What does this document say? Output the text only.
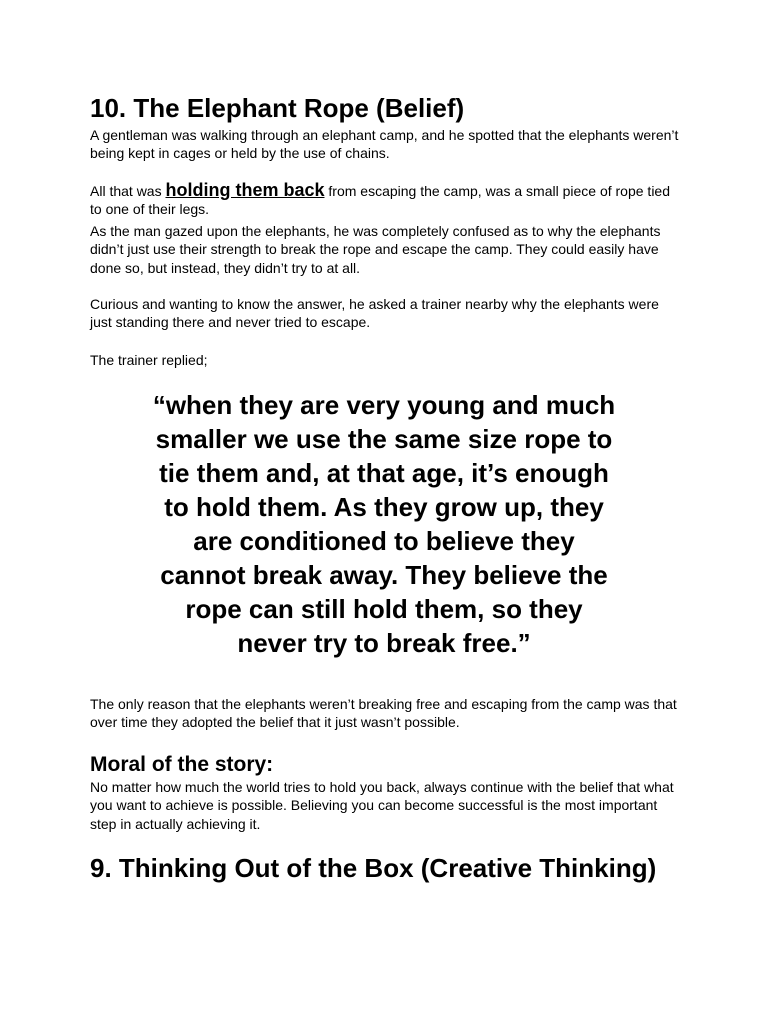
10. The Elephant Rope (Belief)

A gentleman was walking through an elephant camp, and he spotted that the elephants weren’t being kept in cages or held by the use of chains.

All that was holding them back from escaping the camp, was a small piece of rope tied to one of their legs.

As the man gazed upon the elephants, he was completely confused as to why the elephants didn’t just use their strength to break the rope and escape the camp. They could easily have done so, but instead, they didn’t try to at all.

Curious and wanting to know the answer, he asked a trainer nearby why the elephants were just standing there and never tried to escape.

The trainer replied;

“when they are very young and much smaller we use the same size rope to tie them and, at that age, it’s enough to hold them. As they grow up, they are conditioned to believe they cannot break away. They believe the rope can still hold them, so they never try to break free.”

The only reason that the elephants weren’t breaking free and escaping from the camp was that over time they adopted the belief that it just wasn’t possible.

Moral of the story:

No matter how much the world tries to hold you back, always continue with the belief that what you want to achieve is possible. Believing you can become successful is the most important step in actually achieving it.

9. Thinking Out of the Box (Creative Thinking)
